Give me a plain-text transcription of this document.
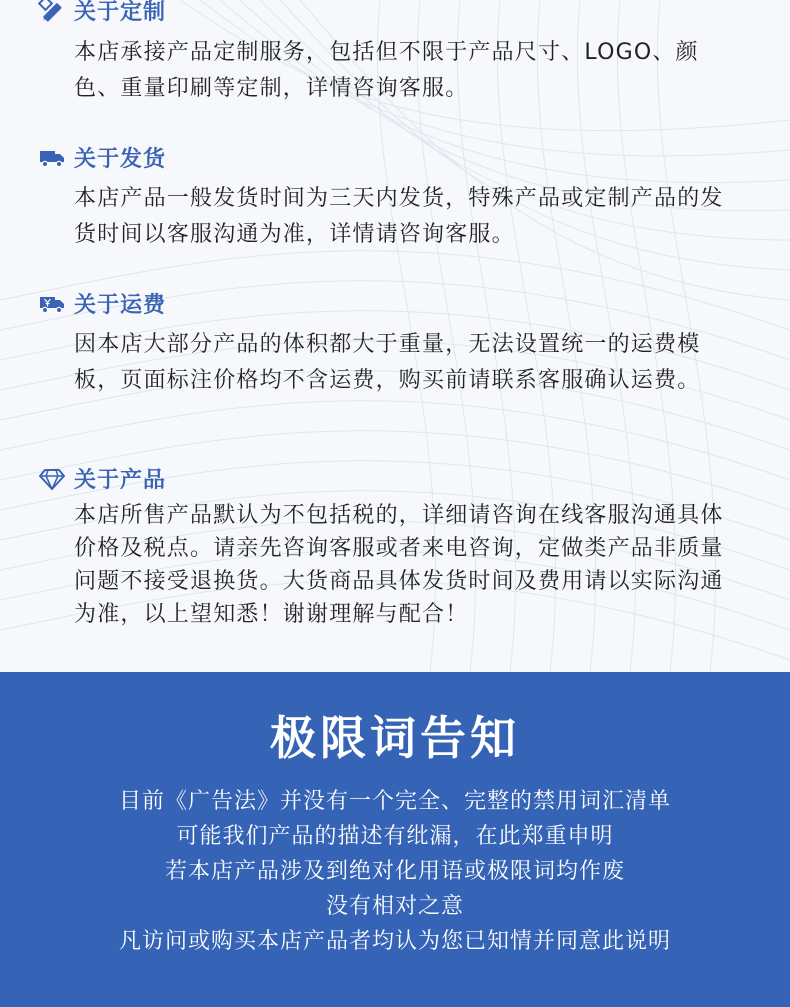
关于定制
本店承接产品定制服务，包括但不限于产品尺寸、LOGO、颜色、重量印刷等定制，详情咨询客服。
关于发货
本店产品一般发货时间为三天内发货，特殊产品或定制产品的发货时间以客服沟通为准，详情请咨询客服。
关于运费
因本店大部分产品的体积都大于重量，无法设置统一的运费模板，页面标注价格均不含运费，购买前请联系客服确认运费。
关于产品
本店所售产品默认为不包括税的，详细请咨询在线客服沟通具体价格及税点。请亲先咨询客服或者来电咨询，定做类产品非质量问题不接受退换货。大货商品具体发货时间及费用请以实际沟通为准，以上望知悉！谢谢理解与配合！
极限词告知
目前《广告法》并没有一个完全、完整的禁用词汇清单
可能我们产品的描述有纰漏，在此郑重申明
若本店产品涉及到绝对化用语或极限词均作废
没有相对之意
凡访问或购买本店产品者均认为您已知情并同意此说明
